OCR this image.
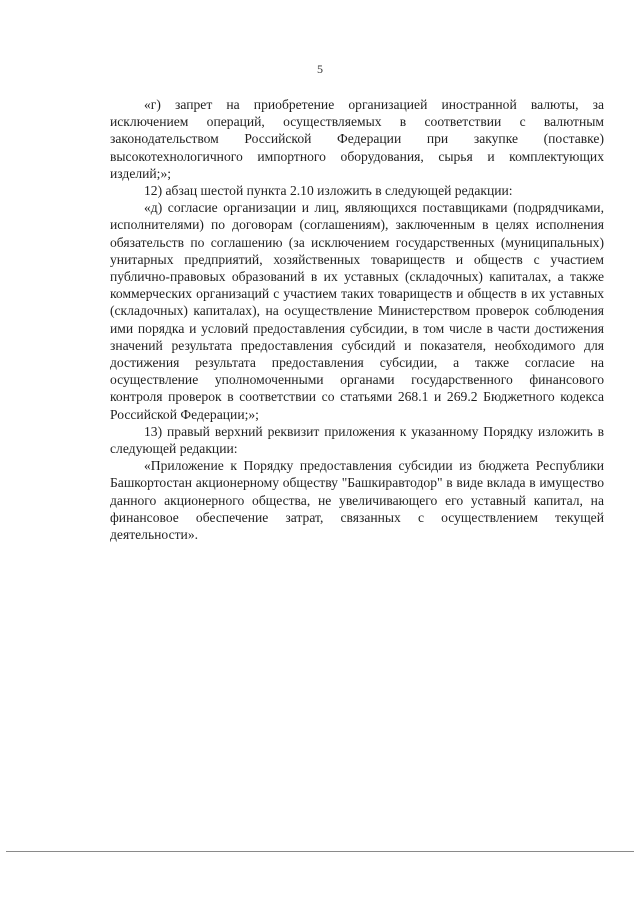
5

«г) запрет на приобретение организацией иностранной валюты, за исключением операций, осуществляемых в соответствии с валютным законодательством Российской Федерации при закупке (поставке) высокотехнологичного импортного оборудования, сырья и комплектующих изделий;»;

12) абзац шестой пункта 2.10 изложить в следующей редакции:

«д) согласие организации и лиц, являющихся поставщиками (подрядчиками, исполнителями) по договорам (соглашениям), заключенным в целях исполнения обязательств по соглашению (за исключением государственных (муниципальных) унитарных предприятий, хозяйственных товариществ и обществ с участием публично-правовых образований в их уставных (складочных) капиталах, а также коммерческих организаций с участием таких товариществ и обществ в их уставных (складочных) капиталах), на осуществление Министерством проверок соблюдения ими порядка и условий предоставления субсидии, в том числе в части достижения значений результата предоставления субсидий и показателя, необходимого для достижения результата предоставления субсидии, а также согласие на осуществление уполномоченными органами государственного финансового контроля проверок в соответствии со статьями 268.1 и 269.2 Бюджетного кодекса Российской Федерации;»;

13) правый верхний реквизит приложения к указанному Порядку изложить в следующей редакции:

«Приложение к Порядку предоставления субсидии из бюджета Республики Башкортостан акционерному обществу "Башкиравтодор" в виде вклада в имущество данного акционерного общества, не увеличивающего его уставный капитал, на финансовое обеспечение затрат, связанных с осуществлением текущей деятельности».
